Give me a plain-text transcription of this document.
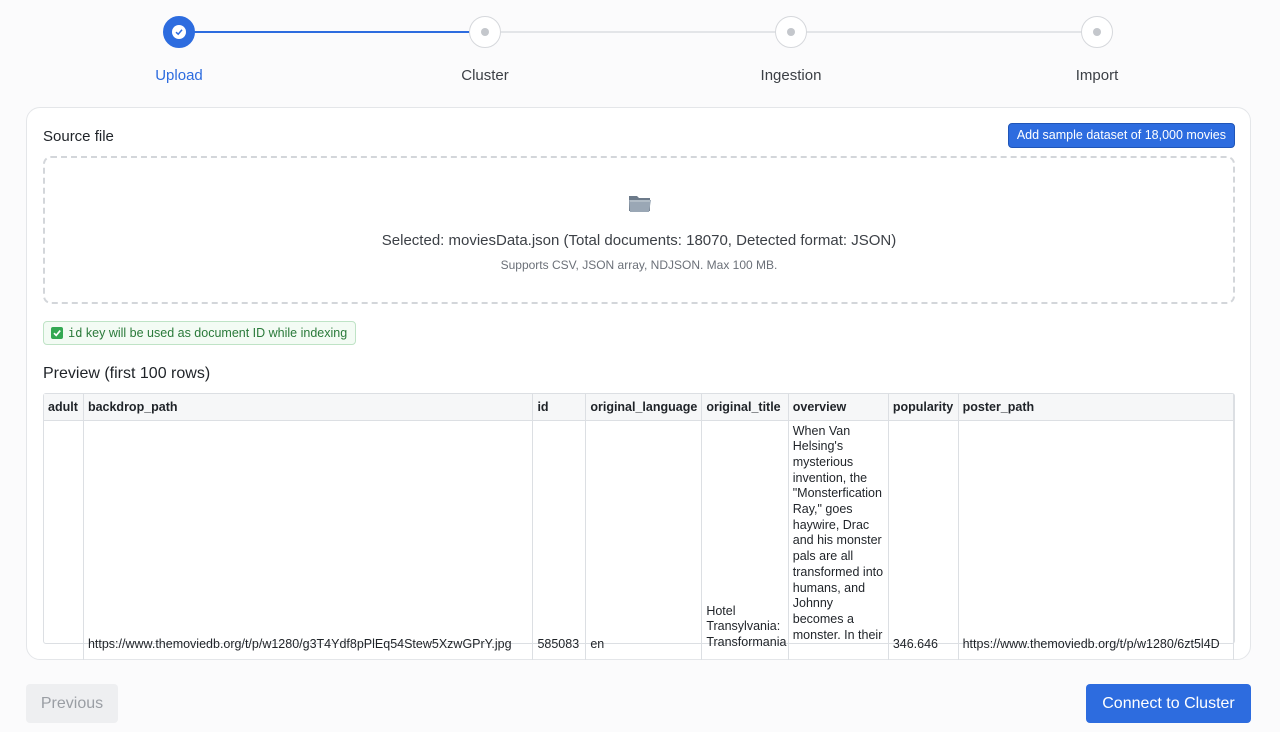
Upload	Cluster	Ingestion	Import
Source file	Add sample dataset of 18,000 movies
Selected: moviesData.json (Total documents: 18070, Detected format: JSON)
Supports CSV, JSON array, NDJSON. Max 100 MB.
id key will be used as document ID while indexing
Preview (first 100 rows)
adult	backdrop_path	id	original_language	original_title	overview	popularity	poster_path
	https://www.themoviedb.org/t/p/w1280/g3T4Ydf8pPlEq54Stew5XzwGPrY.jpg	585083	en	Hotel Transylvania: Transformania	When Van Helsing's mysterious invention, the "Monsterfication Ray," goes haywire, Drac and his monster pals are all transformed into humans, and Johnny becomes a monster. In their	346.646	https://www.themoviedb.org/t/p/w1280/6zt5l4D
Previous	Connect to Cluster
